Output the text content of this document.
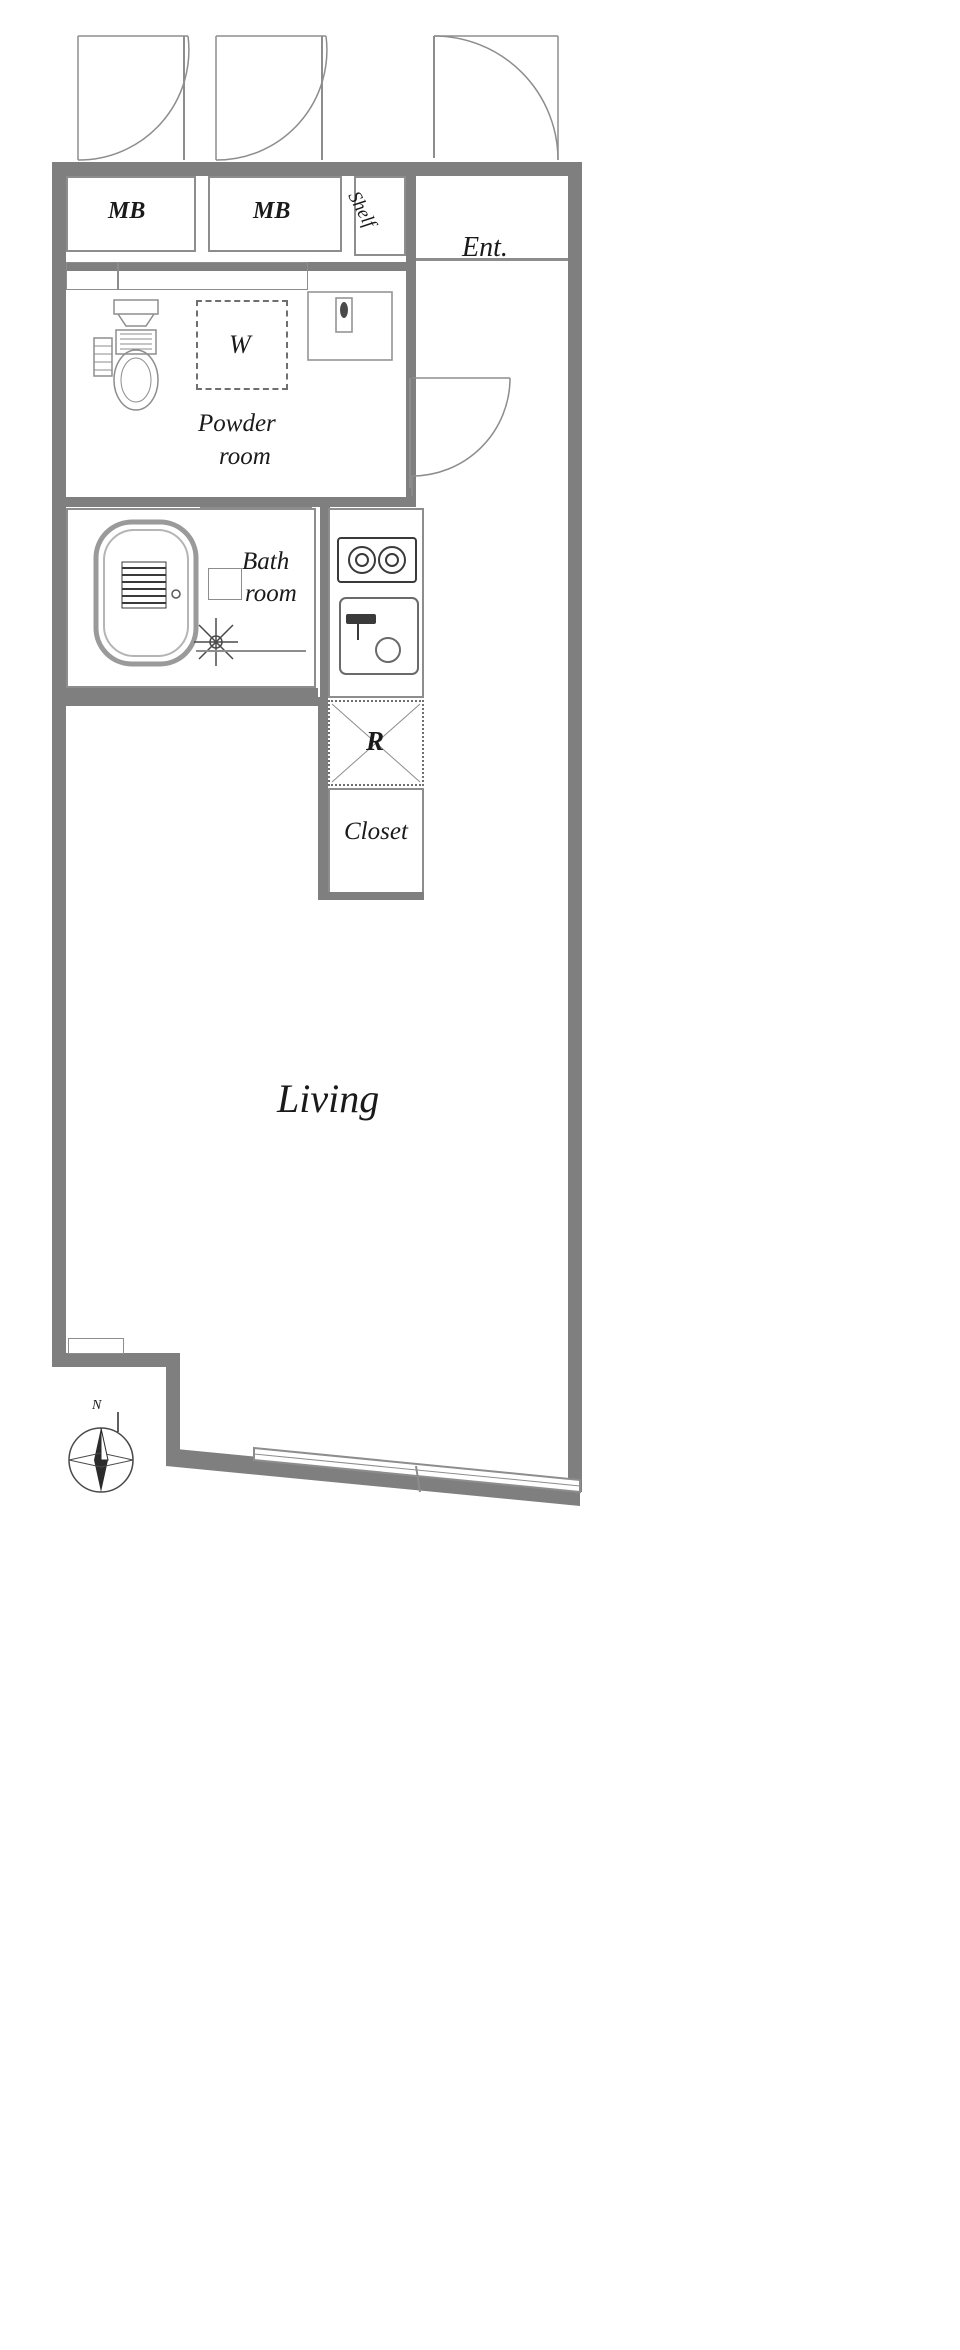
MB	MB	Shelf
Ent.
W
Powder
room
Bath
room
R
Closet
Living
N
